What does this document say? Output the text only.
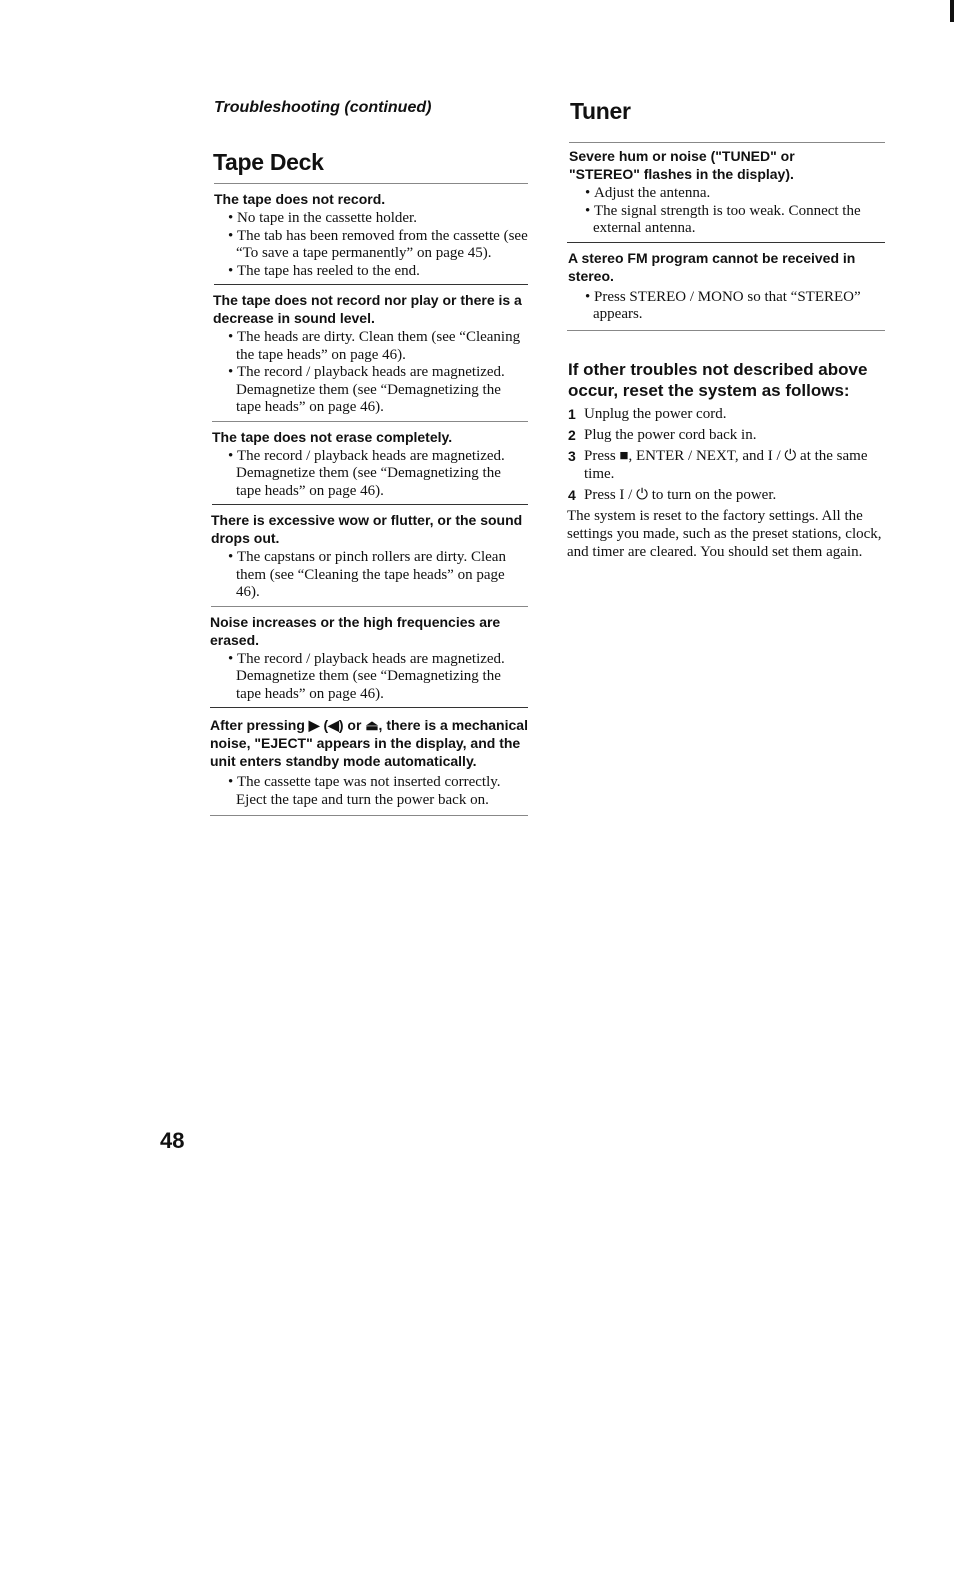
Troubleshooting (continued)
Tape Deck

The tape does not record.

• No tape in the cassette holder.
• The tab has been removed from the cassette (see “To save a tape permanently” on page 45).
• The tape has reeled to the end.

The tape does not record nor play or there is a decrease in sound level.

• The heads are dirty. Clean them (see “Cleaning the tape heads” on page 46).
• The record / playback heads are magnetized. Demagnetize them (see “Demagnetizing the tape heads” on page 46).

The tape does not erase completely.

• The record / playback heads are magnetized. Demagnetize them (see “Demagnetizing the tape heads” on page 46).

There is excessive wow or flutter, or the sound drops out.

• The capstans or pinch rollers are dirty. Clean them (see “Cleaning the tape heads” on page 46).

Noise increases or the high frequencies are erased.

• The record / playback heads are magnetized. Demagnetize them (see “Demagnetizing the tape heads” on page 46).

After pressing ▶ (◀) or ⏏, there is a mechanical noise, "EJECT" appears in the display, and the unit enters standby mode automatically.

• The cassette tape was not inserted correctly. Eject the tape and turn the power back on.
Tuner

Severe hum or noise ("TUNED" or "STEREO" flashes in the display).

• Adjust the antenna.
• The signal strength is too weak. Connect the external antenna.

A stereo FM program cannot be received in stereo.

• Press STEREO / MONO so that “STEREO” appears.
If other troubles not described above occur, reset the system as follows:
1 Unplug the power cord.
2 Plug the power cord back in.
3 Press ■, ENTER / NEXT, and I / ⏻ at the same time.
4 Press I / ⏻ to turn on the power.

The system is reset to the factory settings. All the settings you made, such as the preset stations, clock, and timer are cleared. You should set them again.

48
